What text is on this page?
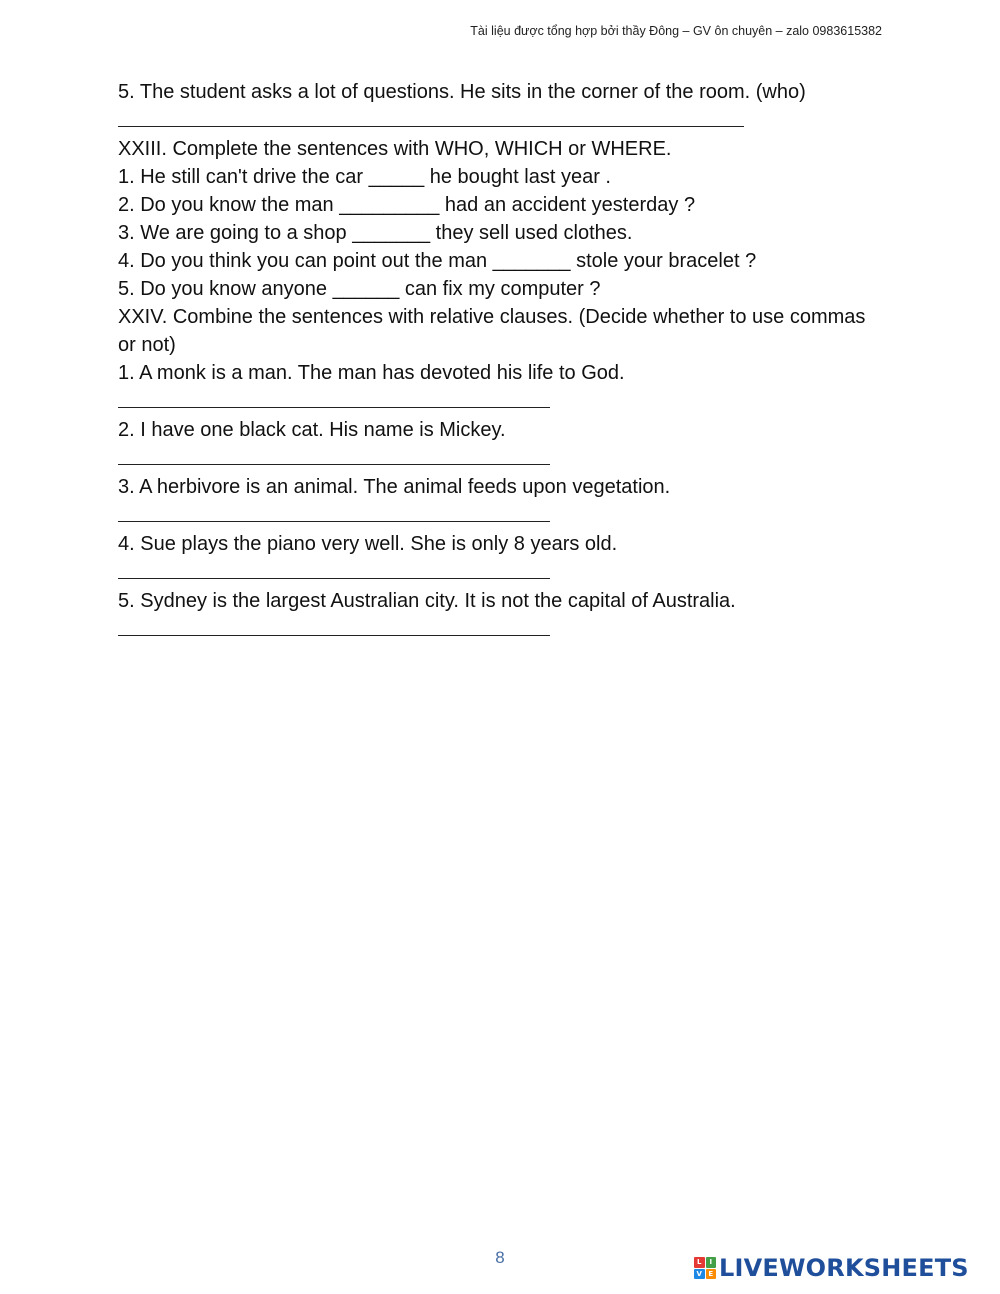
Tài liệu được tổng hợp bởi thầy Đông – GV ôn chuyên – zalo 0983615382
5. The student asks a lot of questions. He sits in the corner of the room. (who)
XXIII. Complete the sentences with WHO, WHICH or WHERE.
1. He still can't drive the car _____ he bought last year .
2. Do you know the man _________ had an accident yesterday ?
3. We are going to a shop _______ they sell used clothes.
4. Do you think you can point out the man _______ stole your bracelet ?
5. Do you know anyone ______ can fix my computer ?
XXIV. Combine the sentences with relative clauses. (Decide whether to use commas or not)
1. A monk is a man. The man has devoted his life to God.
2. I have one black cat. His name is Mickey.
3. A herbivore is an animal. The animal feeds upon vegetation.
4. Sue plays the piano very well. She is only 8 years old.
5. Sydney is the largest Australian city. It is not the capital of Australia.
8	L	I
V E LIVEWORKSHEETS
